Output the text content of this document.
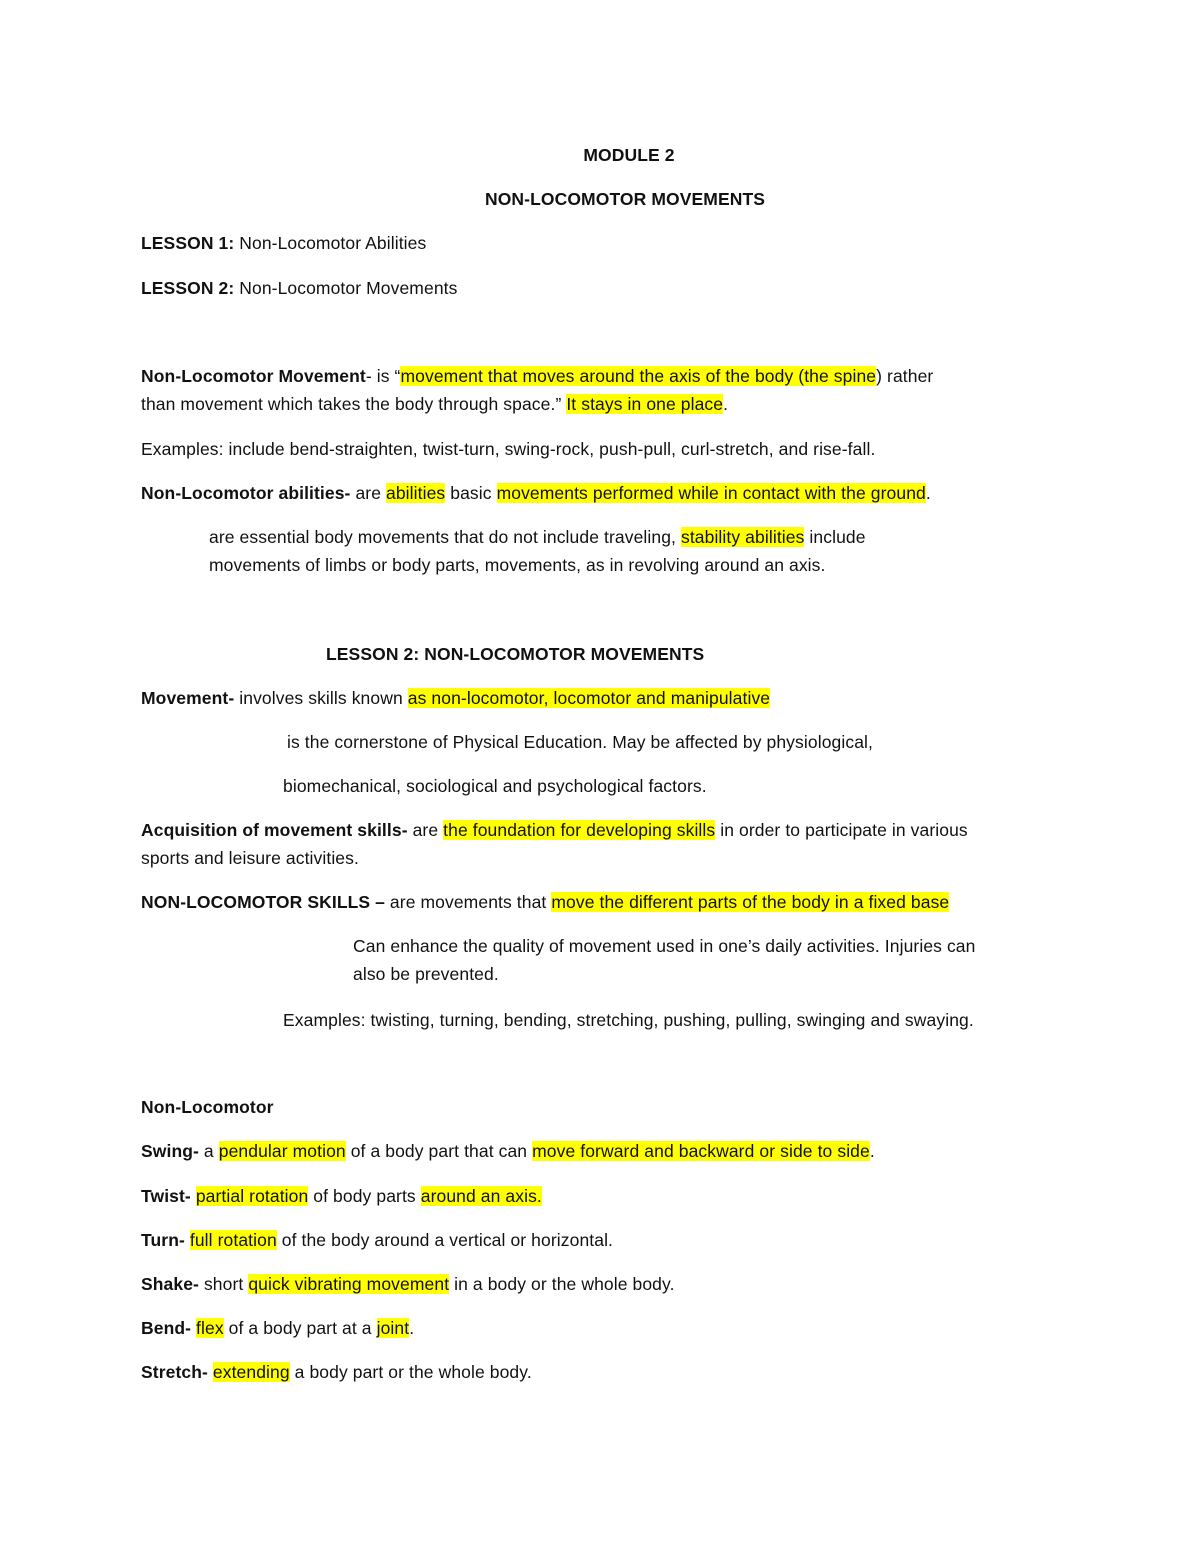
MODULE 2
NON-LOCOMOTOR MOVEMENTS
LESSON 1: Non-Locomotor Abilities
LESSON 2: Non-Locomotor Movements
Non-Locomotor Movement- is “movement that moves around the axis of the body (the spine) rather
than movement which takes the body through space.” It stays in one place.
Examples: include bend-straighten, twist-turn, swing-rock, push-pull, curl-stretch, and rise-fall.
Non-Locomotor abilities- are abilities basic movements performed while in contact with the ground.
are essential body movements that do not include traveling, stability abilities include
movements of limbs or body parts, movements, as in revolving around an axis.
LESSON 2: NON-LOCOMOTOR MOVEMENTS
Movement- involves skills known as non-locomotor, locomotor and manipulative
is the cornerstone of Physical Education. May be affected by physiological,
biomechanical, sociological and psychological factors.
Acquisition of movement skills- are the foundation for developing skills in order to participate in various
sports and leisure activities.
NON-LOCOMOTOR SKILLS – are movements that move the different parts of the body in a fixed base
Can enhance the quality of movement used in one’s daily activities. Injuries can
also be prevented.
Examples: twisting, turning, bending, stretching, pushing, pulling, swinging and swaying.
Non-Locomotor
Swing- a pendular motion of a body part that can move forward and backward or side to side.
Twist- partial rotation of body parts around an axis.
Turn- full rotation of the body around a vertical or horizontal.
Shake- short quick vibrating movement in a body or the whole body.
Bend- flex of a body part at a joint.
Stretch- extending a body part or the whole body.
